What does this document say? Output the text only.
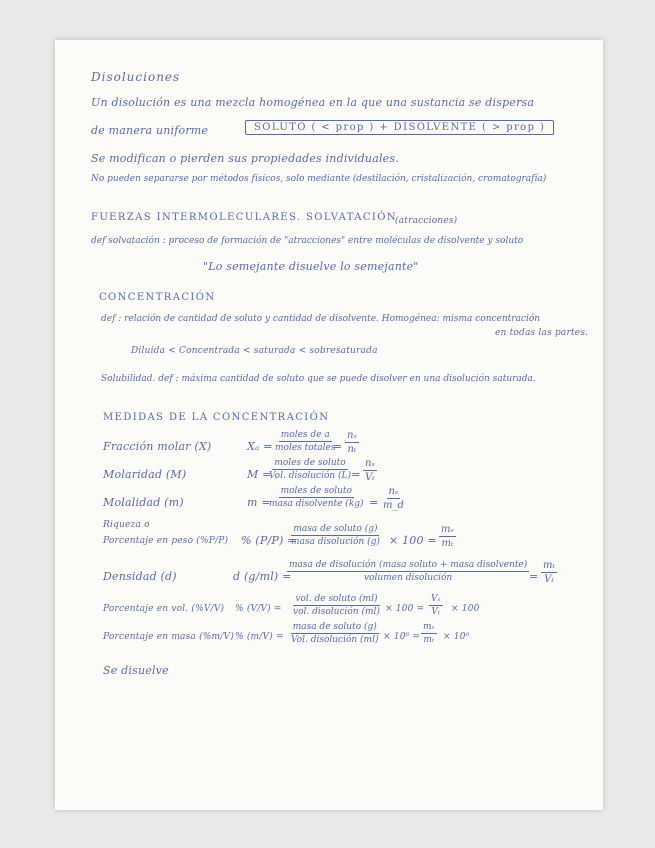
Disoluciones
Un disolución es una mezcla homogénea en la que una sustancia se dispersa
de manera uniforme	SOLUTO ( < prop ) + DISOLVENTE ( > prop )
Se modifican o pierden sus propiedades individuales.
No pueden separarse por métodos físicos, solo mediante (destilación, cristalización, cromatografía)
FUERZAS INTERMOLECULARES. SOLVATACIÓN
(atracciones)
def solvatación : proceso de formación de "atracciones" entre moléculas de disolvente y soluto
"Lo semejante disuelve lo semejante"
CONCENTRACIÓN
def : relación de cantidad de soluto y cantidad de disolvente. Homogénea: misma concentración
en todas las partes.
Diluida < Concentrada < saturada < sobresaturada
Solubilidad. def : máxima cantidad de soluto que se puede disolver en una disolución saturada.
MEDIDAS DE LA CONCENTRACIÓN
Fracción molar (X)	Xₐ =
moles de a
moles totales
= $\frac{\text{nₛ}}{\text{nₜ}}$
Molaridad (M)	M =
moles de soluto
Vol. disolución $(L) = \frac{\text{nₛ}}{\text{Vₜ}}$
Molalidad (m)	m =
moles de soluto
masa disolvente $(kg) = \frac{\text{nₛ}}{m\_d}$
Riqueza o
Porcentaje en peso (%P/P) % (P/P) =
masa de soluto (g)
masa disolución $(g) \times 100 = \frac{\text{mₛ}}{\text{mₜ}}$
Densidad (d)	d (g/ml) =
masa de disolución (masa soluto + masa disolvente)
volumen disolución	= $\frac{\text{mₜ}}{\text{Vₜ}}$
Porcentaje en vol. (%V/V) % (V/V) =
vol. de soluto (ml)
vol. disolución $(ml) \times 100 = \frac{\text{Vₛ}}{\text{Vₜ}} \times 100$
Porcentaje en masa (%m/V) % (m/V) =
masa de soluto (g)
Vol. disolución $(ml) \times 10^6 = \frac{\text{mₛ}}{\text{mₜ}} \times 10^6$
Se disuelve
